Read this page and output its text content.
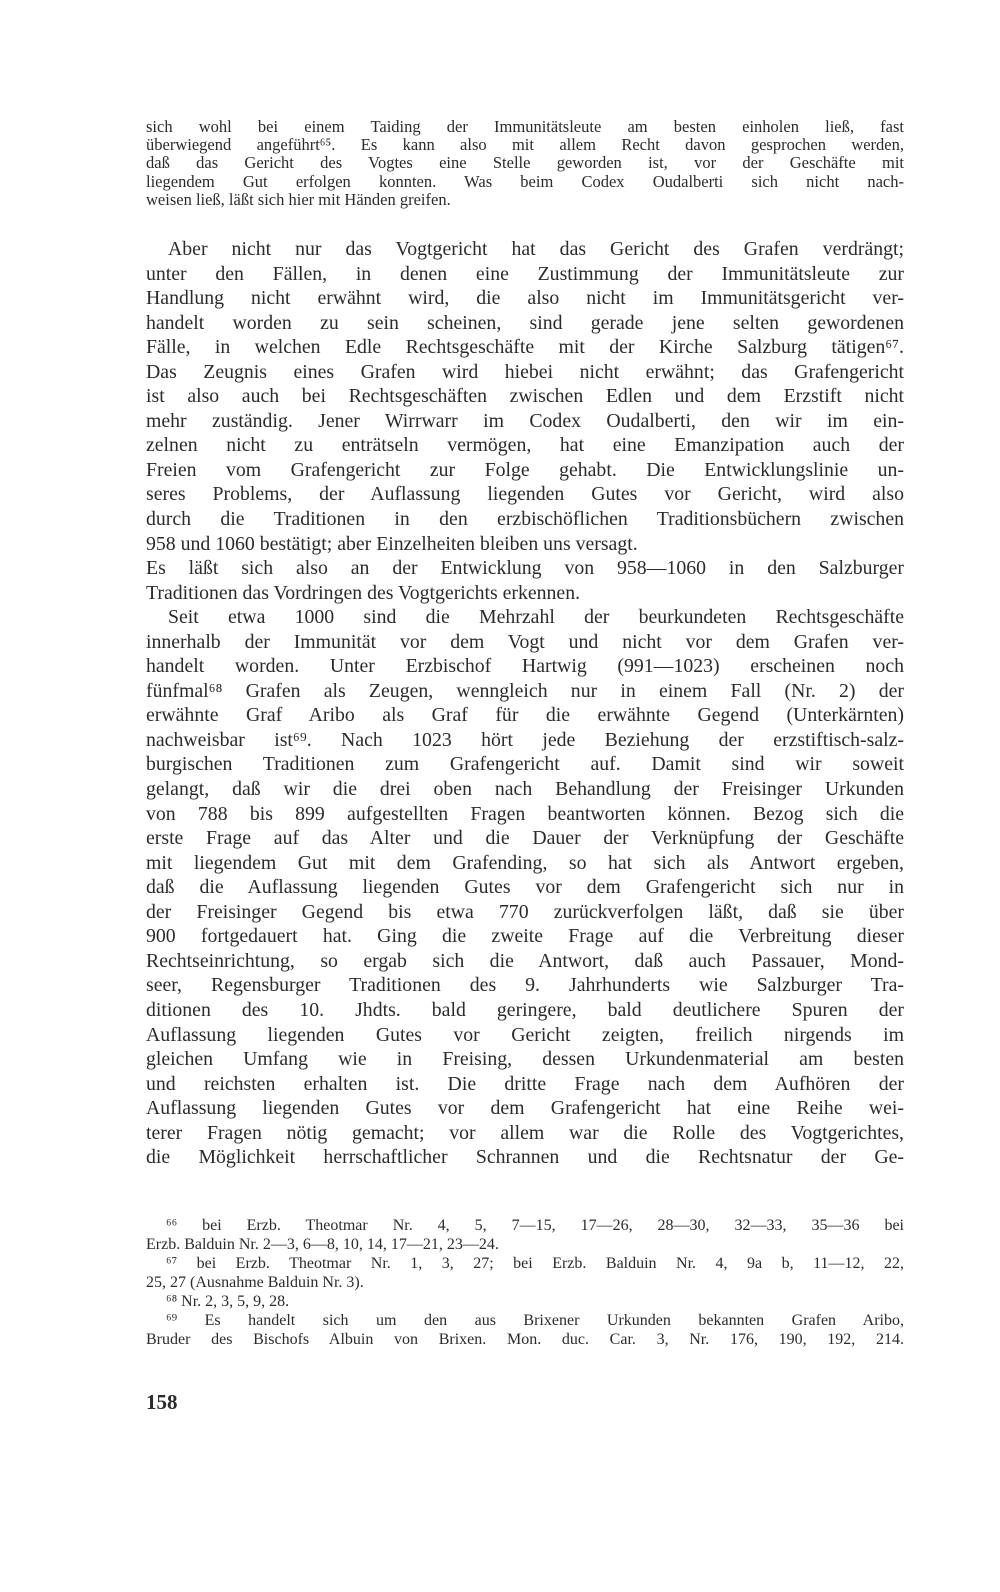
sich wohl bei einem Taiding der Immunitätsleute am besten einholen ließ, fast
überwiegend angeführt⁶⁵. Es kann also mit allem Recht davon gesprochen werden,
daß das Gericht des Vogtes eine Stelle geworden ist, vor der Geschäfte mit
liegendem Gut erfolgen konnten. Was beim Codex Oudalberti sich nicht nach-
weisen ließ, läßt sich hier mit Händen greifen.
Aber nicht nur das Vogtgericht hat das Gericht des Grafen verdrängt;
unter den Fällen, in denen eine Zustimmung der Immunitätsleute zur
Handlung nicht erwähnt wird, die also nicht im Immunitätsgericht ver-
handelt worden zu sein scheinen, sind gerade jene selten gewordenen
Fälle, in welchen Edle Rechtsgeschäfte mit der Kirche Salzburg tätigen⁶⁷.
Das Zeugnis eines Grafen wird hiebei nicht erwähnt; das Grafengericht
ist also auch bei Rechtsgeschäften zwischen Edlen und dem Erzstift nicht
mehr zuständig. Jener Wirrwarr im Codex Oudalberti, den wir im ein-
zelnen nicht zu enträtseln vermögen, hat eine Emanzipation auch der
Freien vom Grafengericht zur Folge gehabt. Die Entwicklungslinie un-
seres Problems, der Auflassung liegenden Gutes vor Gericht, wird also
durch die Traditionen in den erzbischöflichen Traditionsbüchern zwischen
958 und 1060 bestätigt; aber Einzelheiten bleiben uns versagt.
Es läßt sich also an der Entwicklung von 958—1060 in den Salzburger
Traditionen das Vordringen des Vogtgerichts erkennen.
Seit etwa 1000 sind die Mehrzahl der beurkundeten Rechtsgeschäfte
innerhalb der Immunität vor dem Vogt und nicht vor dem Grafen ver-
handelt worden. Unter Erzbischof Hartwig (991—1023) erscheinen noch
fünfmal⁶⁸ Grafen als Zeugen, wenngleich nur in einem Fall (Nr. 2) der
erwähnte Graf Aribo als Graf für die erwähnte Gegend (Unterkärnten)
nachweisbar ist⁶⁹. Nach 1023 hört jede Beziehung der erzstiftisch-salz-
burgischen Traditionen zum Grafengericht auf. Damit sind wir soweit
gelangt, daß wir die drei oben nach Behandlung der Freisinger Urkunden
von 788 bis 899 aufgestellten Fragen beantworten können. Bezog sich die
erste Frage auf das Alter und die Dauer der Verknüpfung der Geschäfte
mit liegendem Gut mit dem Grafending, so hat sich als Antwort ergeben,
daß die Auflassung liegenden Gutes vor dem Grafengericht sich nur in
der Freisinger Gegend bis etwa 770 zurückverfolgen läßt, daß sie über
900 fortgedauert hat. Ging die zweite Frage auf die Verbreitung dieser
Rechtseinrichtung, so ergab sich die Antwort, daß auch Passauer, Mond-
seer, Regensburger Traditionen des 9. Jahrhunderts wie Salzburger Tra-
ditionen des 10. Jhdts. bald geringere, bald deutlichere Spuren der
Auflassung liegenden Gutes vor Gericht zeigten, freilich nirgends im
gleichen Umfang wie in Freising, dessen Urkundenmaterial am besten
und reichsten erhalten ist. Die dritte Frage nach dem Aufhören der
Auflassung liegenden Gutes vor dem Grafengericht hat eine Reihe wei-
terer Fragen nötig gemacht; vor allem war die Rolle des Vogtgerichtes,
die Möglichkeit herrschaftlicher Schrannen und die Rechtsnatur der Ge-
⁶⁶ bei Erzb. Theotmar Nr. 4, 5, 7—15, 17—26, 28—30, 32—33, 35—36 bei
Erzb. Balduin Nr. 2—3, 6—8, 10, 14, 17—21, 23—24.
⁶⁷ bei Erzb. Theotmar Nr. 1, 3, 27; bei Erzb. Balduin Nr. 4, 9a b, 11—12, 22,
25, 27 (Ausnahme Balduin Nr. 3).
⁶⁸ Nr. 2, 3, 5, 9, 28.
⁶⁹ Es handelt sich um den aus Brixener Urkunden bekannten Grafen Aribo,
Bruder des Bischofs Albuin von Brixen. Mon. duc. Car. 3, Nr. 176, 190, 192, 214.
158
